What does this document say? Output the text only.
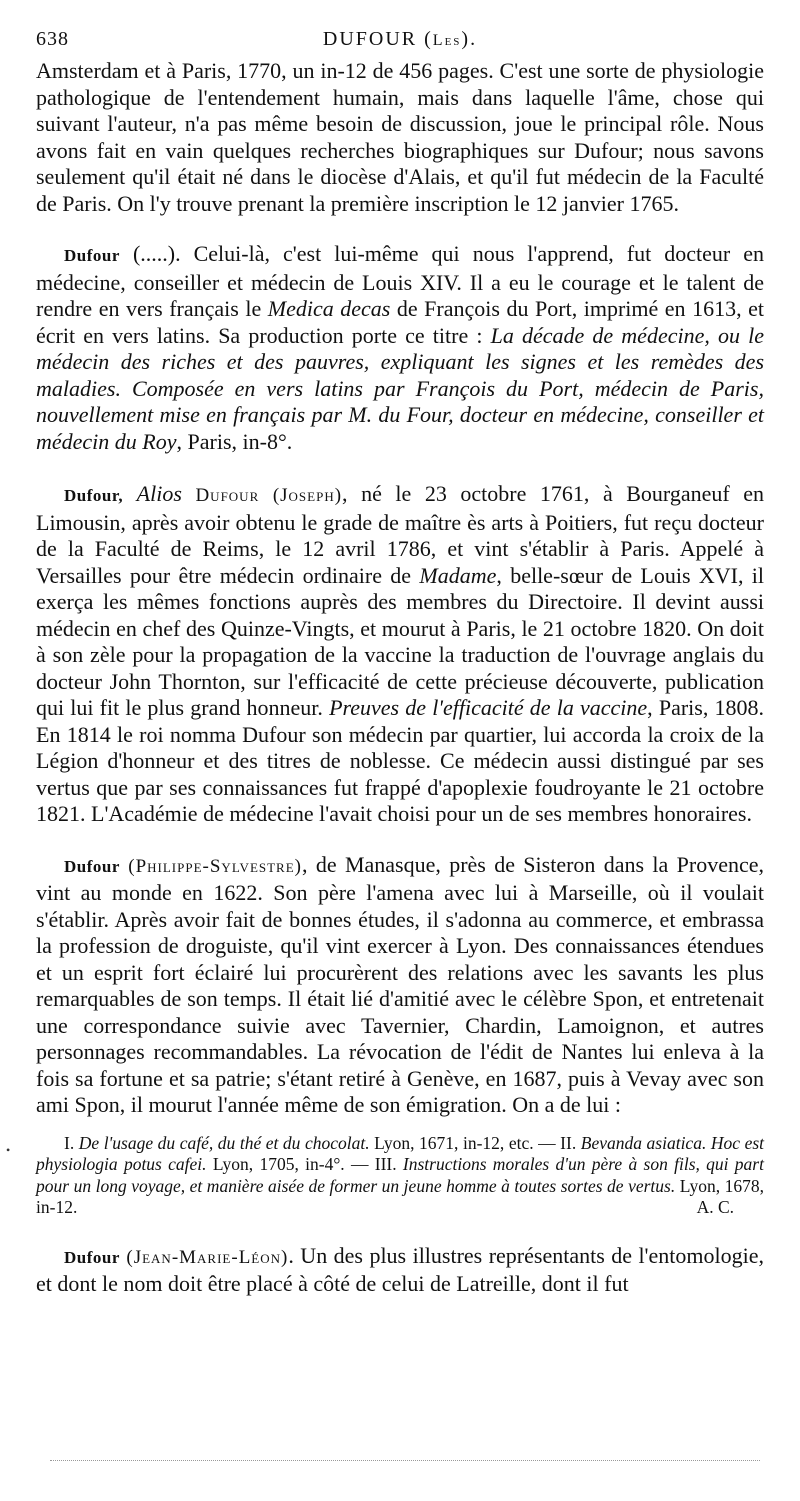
638	DUFOUR (Les).

Amsterdam et à Paris, 1770, un in-12 de 456 pages. C'est une sorte de physiologie pathologique de l'entendement humain, mais dans laquelle l'âme, chose qui suivant l'auteur, n'a pas même besoin de discussion, joue le principal rôle. Nous avons fait en vain quelques recherches biographiques sur Dufour; nous savons seulement qu'il était né dans le diocèse d'Alais, et qu'il fut médecin de la Faculté de Paris. On l'y trouve prenant la première inscription le 12 janvier 1765.

Dufour (.....). Celui-là, c'est lui-même qui nous l'apprend, fut docteur en médecine, conseiller et médecin de Louis XIV. Il a eu le courage et le talent de rendre en vers français le Medica decas de François du Port, imprimé en 1613, et écrit en vers latins. Sa production porte ce titre : La décade de médecine, ou le médecin des riches et des pauvres, expliquant les signes et les remèdes des maladies. Composée en vers latins par François du Port, médecin de Paris, nouvellement mise en français par M. du Four, docteur en médecine, conseiller et médecin du Roy, Paris, in-8°.

Dufour, Alios Dufour (Joseph), né le 23 octobre 1761, à Bourganeuf en Limousin, après avoir obtenu le grade de maître ès arts à Poitiers, fut reçu docteur de la Faculté de Reims, le 12 avril 1786, et vint s'établir à Paris. Appelé à Versailles pour être médecin ordinaire de Madame, belle-sœur de Louis XVI, il exerça les mêmes fonctions auprès des membres du Directoire. Il devint aussi médecin en chef des Quinze-Vingts, et mourut à Paris, le 21 octobre 1820. On doit à son zèle pour la propagation de la vaccine la traduction de l'ouvrage anglais du docteur John Thornton, sur l'efficacité de cette précieuse découverte, publication qui lui fit le plus grand honneur. Preuves de l'efficacité de la vaccine, Paris, 1808. En 1814 le roi nomma Dufour son médecin par quartier, lui accorda la croix de la Légion d'honneur et des titres de noblesse. Ce médecin aussi distingué par ses vertus que par ses connaissances fut frappé d'apoplexie foudroyante le 21 octobre 1821. L'Académie de médecine l'avait choisi pour un de ses membres honoraires.

Dufour (Philippe-Sylvestre), de Manasque, près de Sisteron dans la Provence, vint au monde en 1622. Son père l'amena avec lui à Marseille, où il voulait s'établir. Après avoir fait de bonnes études, il s'adonna au commerce, et embrassa la profession de droguiste, qu'il vint exercer à Lyon. Des connaissances étendues et un esprit fort éclairé lui procurèrent des relations avec les savants les plus remarquables de son temps. Il était lié d'amitié avec le célèbre Spon, et entretenait une correspondance suivie avec Tavernier, Chardin, Lamoignon, et autres personnages recommandables. La révocation de l'édit de Nantes lui enleva à la fois sa fortune et sa patrie; s'étant retiré à Genève, en 1687, puis à Vevay avec son ami Spon, il mourut l'année même de son émigration. On a de lui :

I. De l'usage du café, du thé et du chocolat. Lyon, 1671, in-12, etc. — II. Bevanda asiatica. Hoc est physiologia potus cafei. Lyon, 1705, in-4°. — III. Instructions morales d'un père à son fils, qui part pour un long voyage, et manière aisée de former un jeune homme à toutes sortes de vertus. Lyon, 1678, in-12.	A. C.

Dufour (Jean-Marie-Léon). Un des plus illustres représentants de l'entomologie, et dont le nom doit être placé à côté de celui de Latreille, dont il fut

•
